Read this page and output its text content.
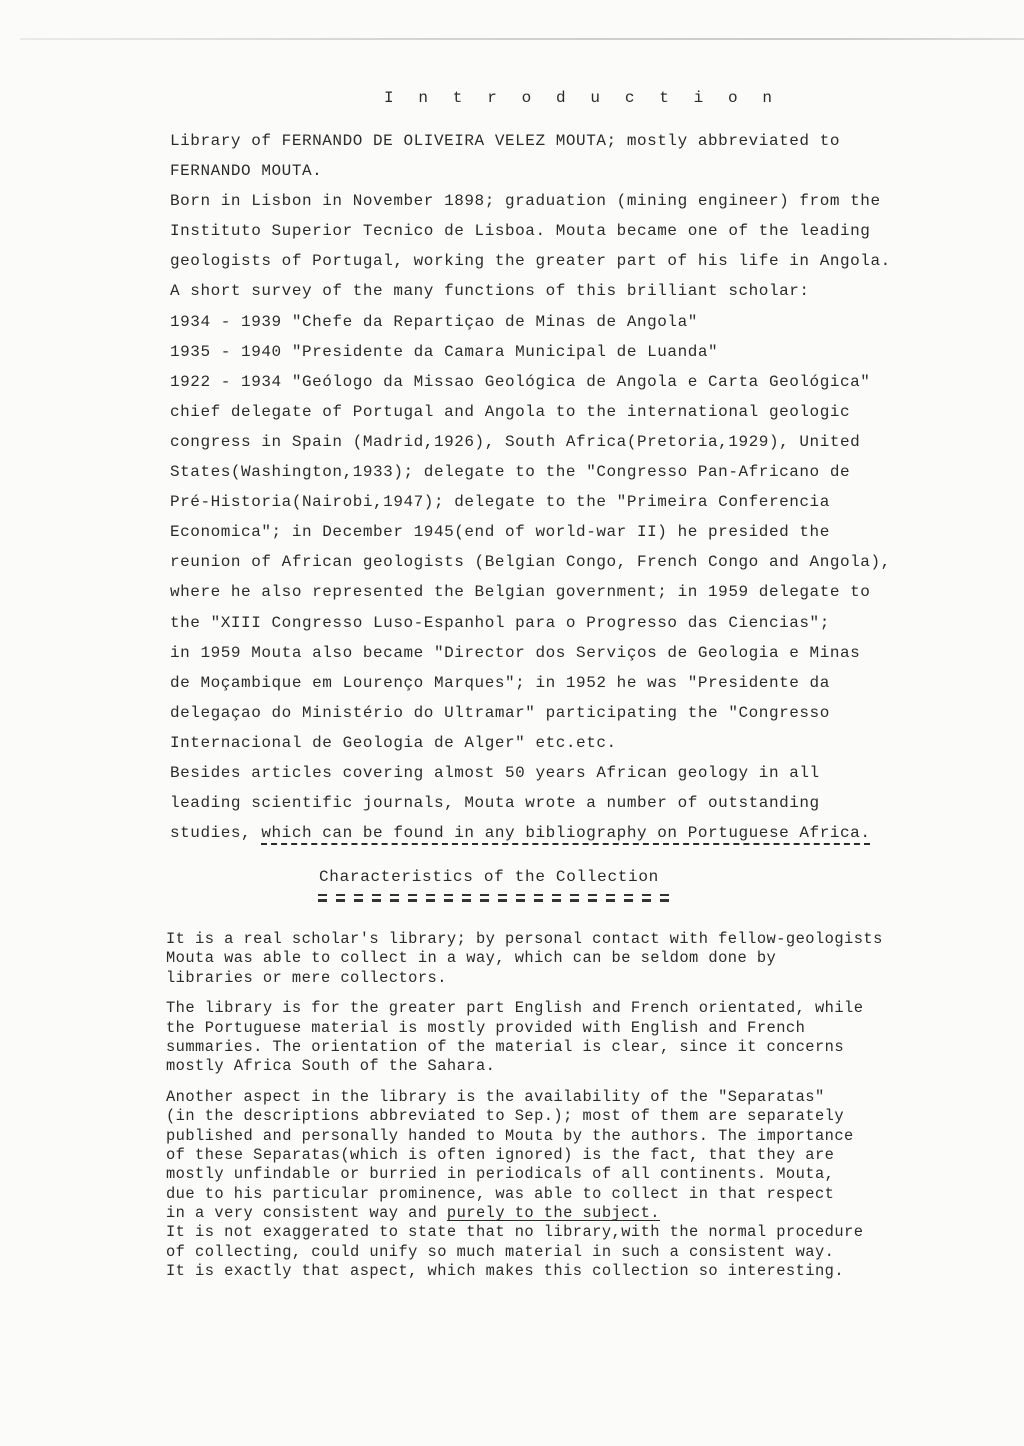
I n t r o d u c t i o n
Library of FERNANDO DE OLIVEIRA VELEZ MOUTA; mostly abbreviated to
FERNANDO MOUTA.
Born in Lisbon in November 1898; graduation (mining engineer) from the
Instituto Superior Tecnico de Lisboa. Mouta became one of the leading
geologists of Portugal, working the greater part of his life in Angola.
A short survey of the many functions of this brilliant scholar:
1934 - 1939 "Chefe da Repartiçao de Minas de Angola"
1935 - 1940 "Presidente da Camara Municipal de Luanda"
1922 - 1934 "Geólogo da Missao Geológica de Angola e Carta Geológica"
chief delegate of Portugal and Angola to the international geologic
congress in Spain (Madrid,1926), South Africa(Pretoria,1929), United
States(Washington,1933); delegate to the "Congresso Pan-Africano de
Pré-Historia(Nairobi,1947); delegate to the "Primeira Conferencia
Economica"; in December 1945(end of world-war II) he presided the
reunion of African geologists (Belgian Congo, French Congo and Angola),
where he also represented the Belgian government; in 1959 delegate to
the "XIII Congresso Luso-Espanhol para o Progresso das Ciencias";
in 1959 Mouta also became "Director dos Serviços de Geologia e Minas
de Moçambique em Lourenço Marques"; in 1952 he was "Presidente da
delegaçao do Ministério do Ultramar" participating the "Congresso
Internacional de Geologia de Alger" etc.etc.
Besides articles covering almost 50 years African geology in all
leading scientific journals, Mouta wrote a number of outstanding
studies, which can be found in any bibliography on Portuguese Africa.
Characteristics of the Collection
It is a real scholar's library; by personal contact with fellow-geologists
Mouta was able to collect in a way, which can be seldom done by
libraries or mere collectors.
The library is for the greater part English and French orientated, while
the Portuguese material is mostly provided with English and French
summaries. The orientation of the material is clear, since it concerns
mostly Africa South of the Sahara.
Another aspect in the library is the availability of the "Separatas"
(in the descriptions abbreviated to Sep.); most of them are separately
published and personally handed to Mouta by the authors. The importance
of these Separatas(which is often ignored) is the fact, that they are
mostly unfindable or burried in periodicals of all continents. Mouta,
due to his particular prominence, was able to collect in that respect
in a very consistent way and purely to the subject.
It is not exaggerated to state that no library,with the normal procedure
of collecting, could unify so much material in such a consistent way.
It is exactly that aspect, which makes this collection so interesting.
